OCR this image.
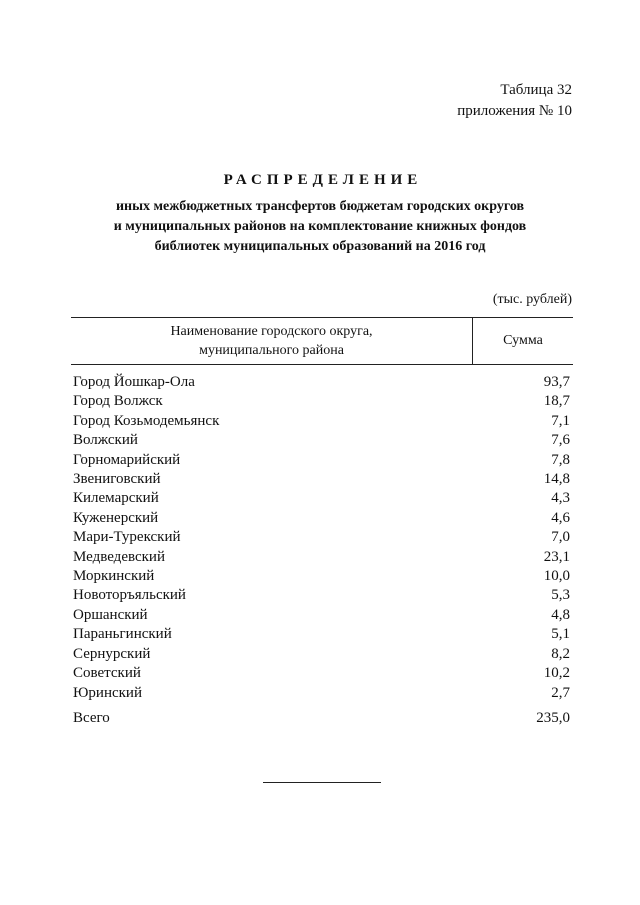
Таблица 32
приложения № 10
РАСПРЕДЕЛЕНИЕ
иных межбюджетных трансфертов бюджетам городских округов
и муниципальных районов на комплектование книжных фондов
библиотек муниципальных образований на 2016 год
(тыс. рублей)
Наименование городского округа,
муниципального района
Сумма
Город Йошкар-Ола	93,7
Город Волжск	18,7
Город Козьмодемьянск	7,1
Волжский	7,6
Горномарийский	7,8
Звениговский	14,8
Килемарский	4,3
Куженерский	4,6
Мари-Турекский	7,0
Медведевский	23,1
Моркинский	10,0
Новоторъяльский	5,3
Оршанский	4,8
Параньгинский	5,1
Сернурский	8,2
Советский	10,2
Юринский	2,7
Всего	235,0
